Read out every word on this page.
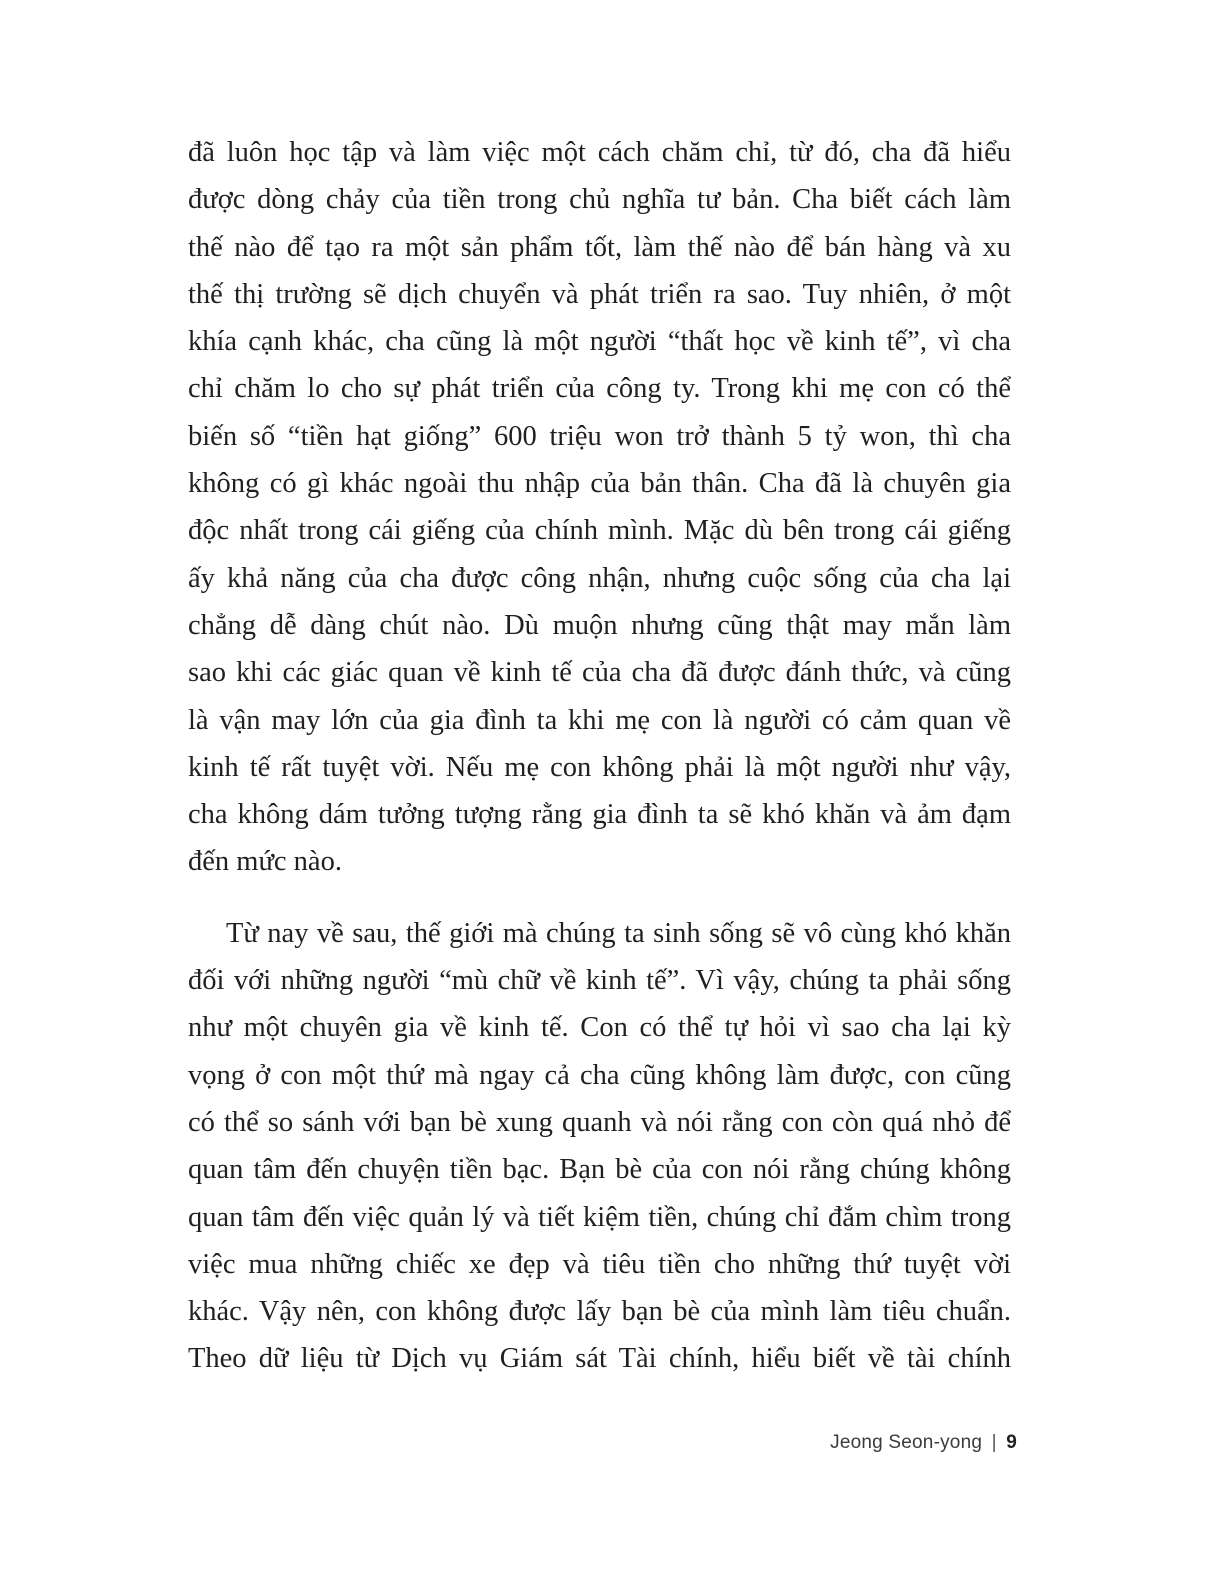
đã luôn học tập và làm việc một cách chăm chỉ, từ đó, cha đã hiểu
được dòng chảy của tiền trong chủ nghĩa tư bản. Cha biết cách làm
thế nào để tạo ra một sản phẩm tốt, làm thế nào để bán hàng và xu
thế thị trường sẽ dịch chuyển và phát triển ra sao. Tuy nhiên, ở một
khía cạnh khác, cha cũng là một người “thất học về kinh tế”, vì cha
chỉ chăm lo cho sự phát triển của công ty. Trong khi mẹ con có thể
biến số “tiền hạt giống” 600 triệu won trở thành 5 tỷ won, thì cha
không có gì khác ngoài thu nhập của bản thân. Cha đã là chuyên gia
độc nhất trong cái giếng của chính mình. Mặc dù bên trong cái giếng
ấy khả năng của cha được công nhận, nhưng cuộc sống của cha lại
chẳng dễ dàng chút nào. Dù muộn nhưng cũng thật may mắn làm
sao khi các giác quan về kinh tế của cha đã được đánh thức, và cũng
là vận may lớn của gia đình ta khi mẹ con là người có cảm quan về
kinh tế rất tuyệt vời. Nếu mẹ con không phải là một người như vậy,
cha không dám tưởng tượng rằng gia đình ta sẽ khó khăn và ảm đạm
đến mức nào.

Từ nay về sau, thế giới mà chúng ta sinh sống sẽ vô cùng khó khăn
đối với những người “mù chữ về kinh tế”. Vì vậy, chúng ta phải sống
như một chuyên gia về kinh tế. Con có thể tự hỏi vì sao cha lại kỳ
vọng ở con một thứ mà ngay cả cha cũng không làm được, con cũng
có thể so sánh với bạn bè xung quanh và nói rằng con còn quá nhỏ để
quan tâm đến chuyện tiền bạc. Bạn bè của con nói rằng chúng không
quan tâm đến việc quản lý và tiết kiệm tiền, chúng chỉ đắm chìm trong
việc mua những chiếc xe đẹp và tiêu tiền cho những thứ tuyệt vời
khác. Vậy nên, con không được lấy bạn bè của mình làm tiêu chuẩn.
Theo dữ liệu từ Dịch vụ Giám sát Tài chính, hiểu biết về tài chính

Jeong Seon-yong | 9
